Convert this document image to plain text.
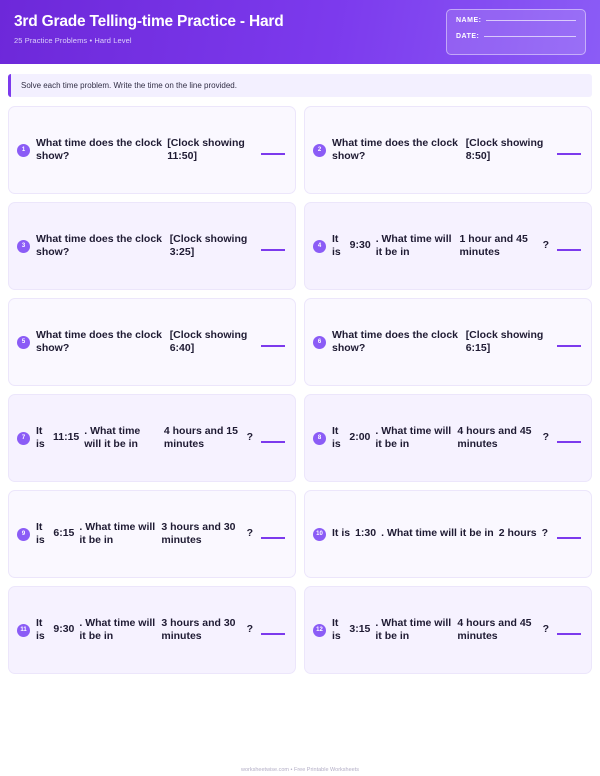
3rd Grade Telling-time Practice - Hard
25 Practice Problems • Hard Level
NAME:
DATE:
Solve each time problem. Write the time on the line provided.
1
What time does the clock show?
[Clock showing 11:50]	2
What time does the clock show?
[Clock showing 8:50]
3
What time does the clock show?
[Clock showing 3:25]	4
It is
9:30
. What time will it be in
1 hour and 45 minutes
?
5
What time does the clock show?
[Clock showing 6:40]	6
What time does the clock show?
[Clock showing 6:15]
7
It is
11:15
. What time will it be in
4 hours and 15 minutes
?	8
It is
2:00
. What time will it be in
4 hours and 45 minutes
?
9
It is
6:15
. What time will it be in
3 hours and 30 minutes
?	10 It is 1:30 . What time will it be in 2 hours ?
11
It is
9:30
. What time will it be in
3 hours and 30 minutes
?	12
It is
3:15
. What time will it be in
4 hours and 45 minutes
?
worksheetwise.com • Free Printable Worksheets
